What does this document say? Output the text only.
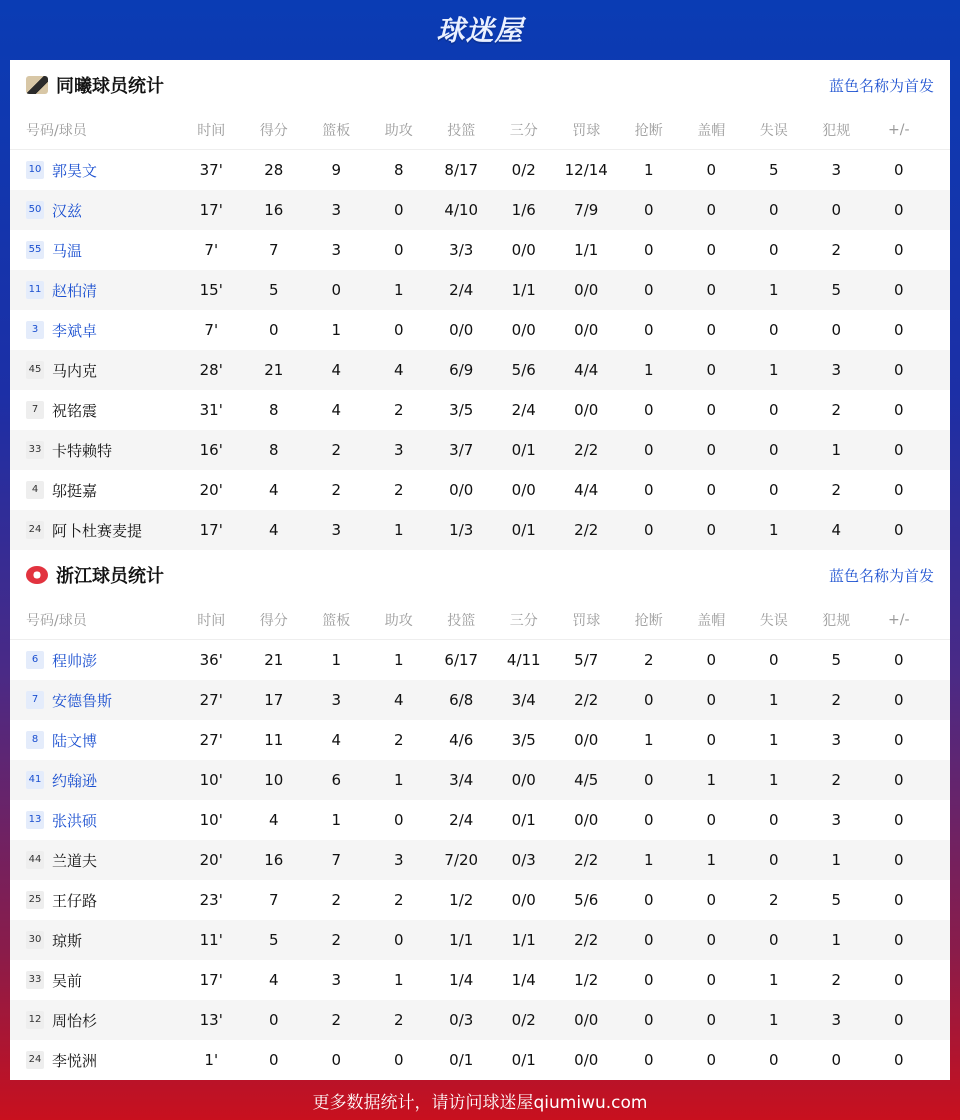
球迷屋
同曦球员统计	蓝色名称为首发
号码/球员	时间	得分	篮板	助攻	投篮	三分	罚球	抢断	盖帽	失误	犯规	+/-
10 郭昊文	37'	28	9	8	8/17	0/2	12/14	1	0	5	3	0
50 汉兹	17'	16	3	0	4/10	1/6	7/9	0	0	0	0	0
55 马温	7'	7	3	0	3/3	0/0	1/1	0	0	0	2	0
11 赵柏清	15'	5	0	1	2/4	1/1	0/0	0	0	1	5	0
3 李斌卓	7'	0	1	0	0/0	0/0	0/0	0	0	0	0	0
45 马内克	28'	21	4	4	6/9	5/6	4/4	1	0	1	3	0
7 祝铭震	31'	8	4	2	3/5	2/4	0/0	0	0	0	2	0
33 卡特赖特	16'	8	2	3	3/7	0/1	2/2	0	0	0	1	0
4 邬挺嘉	20'	4	2	2	0/0	0/0	4/4	0	0	0	2	0
24 阿卜杜赛麦提	17'	4	3	1	1/3	0/1	2/2	0	0	1	4	0
浙江球员统计	蓝色名称为首发
号码/球员	时间	得分	篮板	助攻	投篮	三分	罚球	抢断	盖帽	失误	犯规	+/-
6 程帅澎	36'	21	1	1	6/17	4/11	5/7	2	0	0	5	0
7 安德鲁斯	27'	17	3	4	6/8	3/4	2/2	0	0	1	2	0
8 陆文博	27'	11	4	2	4/6	3/5	0/0	1	0	1	3	0
41 约翰逊	10'	10	6	1	3/4	0/0	4/5	0	1	1	2	0
13 张洪硕	10'	4	1	0	2/4	0/1	0/0	0	0	0	3	0
44 兰道夫	20'	16	7	3	7/20	0/3	2/2	1	1	0	1	0
25 王仔路	23'	7	2	2	1/2	0/0	5/6	0	0	2	5	0
30 琼斯	11'	5	2	0	1/1	1/1	2/2	0	0	0	1	0
33 吴前	17'	4	3	1	1/4	1/4	1/2	0	0	1	2	0
12 周怡杉	13'	0	2	2	0/3	0/2	0/0	0	0	1	3	0
24 李悦洲	1'	0	0	0	0/1	0/1	0/0	0	0	0	0	0
更多数据统计，请访问球迷屋qiumiwu.com
